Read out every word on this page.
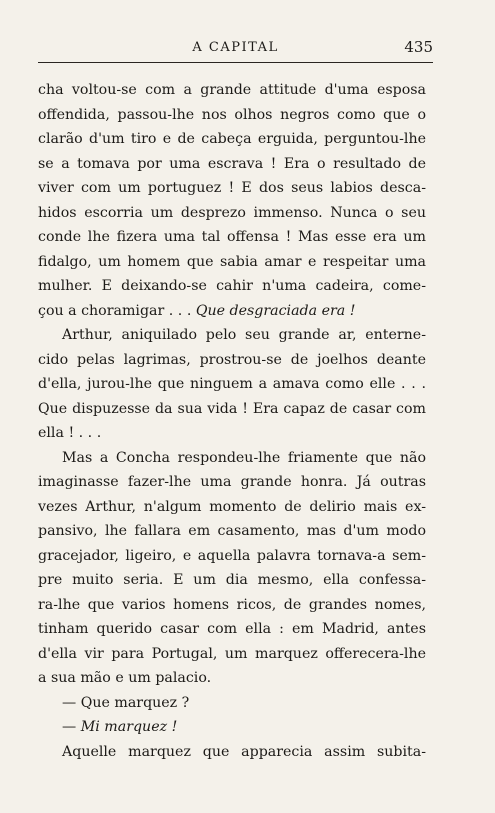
A CAPITAL	435
cha voltou-se com a grande attitude d'uma esposa
offendida, passou-lhe nos olhos negros como que o
clarão d'um tiro e de cabeça erguida, perguntou-lhe
se a tomava por uma escrava ! Era o resultado de
viver com um portuguez ! E dos seus labios desca-
hidos escorria um desprezo immenso. Nunca o seu
conde lhe fizera uma tal offensa ! Mas esse era um
fidalgo, um homem que sabia amar e respeitar uma
mulher. E deixando-se cahir n'uma cadeira, come-
çou a choramigar . . . Que desgraciada era !
Arthur, aniquilado pelo seu grande ar, enterne-
cido pelas lagrimas, prostrou-se de joelhos deante
d'ella, jurou-lhe que ninguem a amava como elle . . .
Que dispuzesse da sua vida ! Era capaz de casar com
ella ! . . .
Mas a Concha respondeu-lhe friamente que não
imaginasse fazer-lhe uma grande honra. Já outras
vezes Arthur, n'algum momento de delirio mais ex-
pansivo, lhe fallara em casamento, mas d'um modo
gracejador, ligeiro, e aquella palavra tornava-a sem-
pre muito seria. E um dia mesmo, ella confessa-
ra-lhe que varios homens ricos, de grandes nomes,
tinham querido casar com ella : em Madrid, antes
d'ella vir para Portugal, um marquez offerecera-lhe
a sua mão e um palacio.
— Que marquez ?
— Mi marquez !
Aquelle marquez que apparecia assim subita-
